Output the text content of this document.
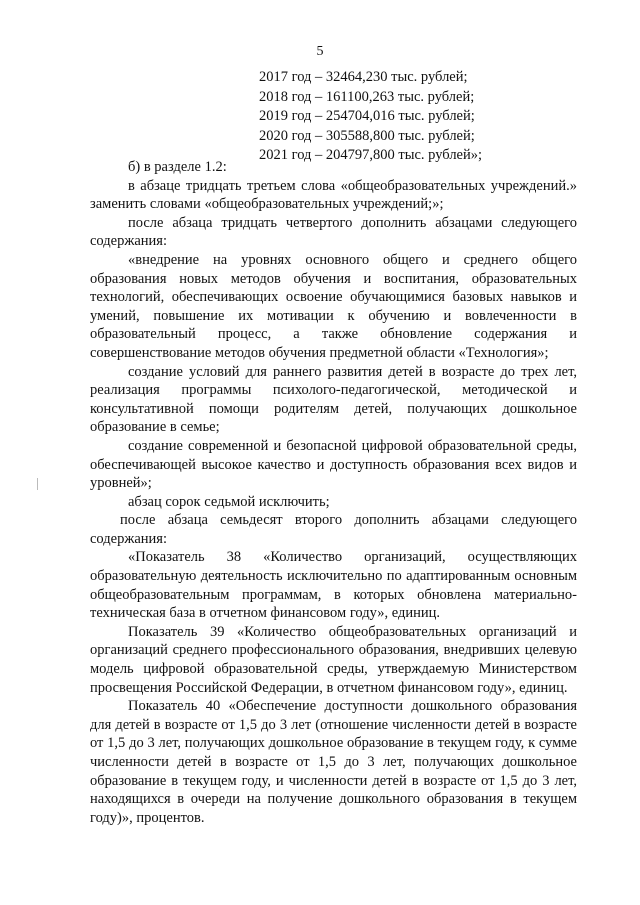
5
2017 год – 32464,230 тыс. рублей;
2018 год – 161100,263 тыс. рублей;
2019 год – 254704,016 тыс. рублей;
2020 год – 305588,800 тыс. рублей;
2021 год – 204797,800 тыс. рублей»;

б) в разделе 1.2:

в абзаце тридцать третьем слова «общеобразовательных учреждений.» заменить словами «общеобразовательных учреждений;»;

после абзаца тридцать четвертого дополнить абзацами следующего содержания:

«внедрение на уровнях основного общего и среднего общего образования новых методов обучения и воспитания, образовательных технологий, обеспечивающих освоение обучающимися базовых навыков и умений, повышение их мотивации к обучению и вовлеченности в образовательный процесс, а также обновление содержания и совершенствование методов обучения предметной области «Технология»;

создание условий для раннего развития детей в возрасте до трех лет, реализация программы психолого-педагогической, методической и консультативной помощи родителям детей, получающих дошкольное образование в семье;

создание современной и безопасной цифровой образовательной среды, обеспечивающей высокое качество и доступность образования всех видов и уровней»;

абзац сорок седьмой исключить;

после абзаца семьдесят второго дополнить абзацами следующего содержания:

«Показатель 38 «Количество организаций, осуществляющих образовательную деятельность исключительно по адаптированным основным общеобразовательным программам, в которых обновлена материально-техническая база в отчетном финансовом году», единиц.

Показатель 39 «Количество общеобразовательных организаций и организаций среднего профессионального образования, внедривших целевую модель цифровой образовательной среды, утверждаемую Министерством просвещения Российской Федерации, в отчетном финансовом году», единиц.

Показатель 40 «Обеспечение доступности дошкольного образования для детей в возрасте от 1,5 до 3 лет (отношение численности детей в возрасте от 1,5 до 3 лет, получающих дошкольное образование в текущем году, к сумме численности детей в возрасте от 1,5 до 3 лет, получающих дошкольное образование в текущем году, и численности детей в возрасте от 1,5 до 3 лет, находящихся в очереди на получение дошкольного образования в текущем году)», процентов.
